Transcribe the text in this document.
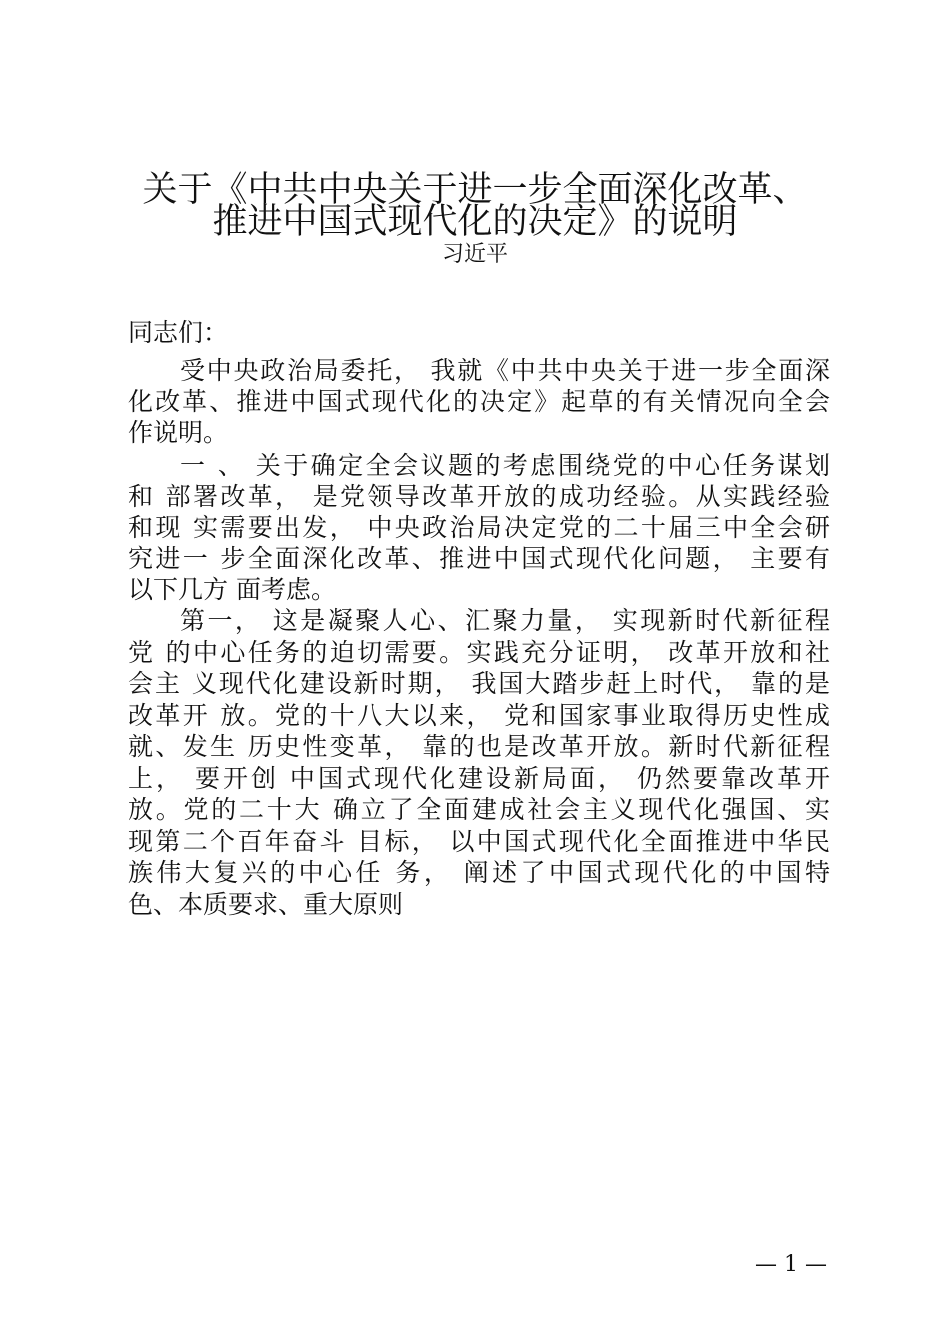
关于《中共中央关于进一步全面深化改革、
推进中国式现代化的决定》的说明
习近平

同志们：

受中央政治局委托， 我就《中共中央关于进一步全面深

化改革、推进中国式现代化的决定》起草的有关情况向全会

作说明。

一 、 关于确定全会议题的考虑围绕党的中心任务谋划

和 部署改革， 是党领导改革开放的成功经验。从实践经验

和现 实需要出发， 中央政治局决定党的二十届三中全会研

究进一 步全面深化改革、推进中国式现代化问题， 主要有

以下几方 面考虑。

第一， 这是凝聚人心、汇聚力量， 实现新时代新征程

党 的中心任务的迫切需要。实践充分证明， 改革开放和社

会主 义现代化建设新时期， 我国大踏步赶上时代， 靠的是

改革开 放。党的十八大以来， 党和国家事业取得历史性成

就、发生 历史性变革， 靠的也是改革开放。新时代新征程

上， 要开创 中国式现代化建设新局面， 仍然要靠改革开

放。党的二十大 确立了全面建成社会主义现代化强国、实

现第二个百年奋斗 目标， 以中国式现代化全面推进中华民

族伟大复兴的中心任 务， 阐述了中国式现代化的中国特

色、本质要求、重大原则

— 1 —
